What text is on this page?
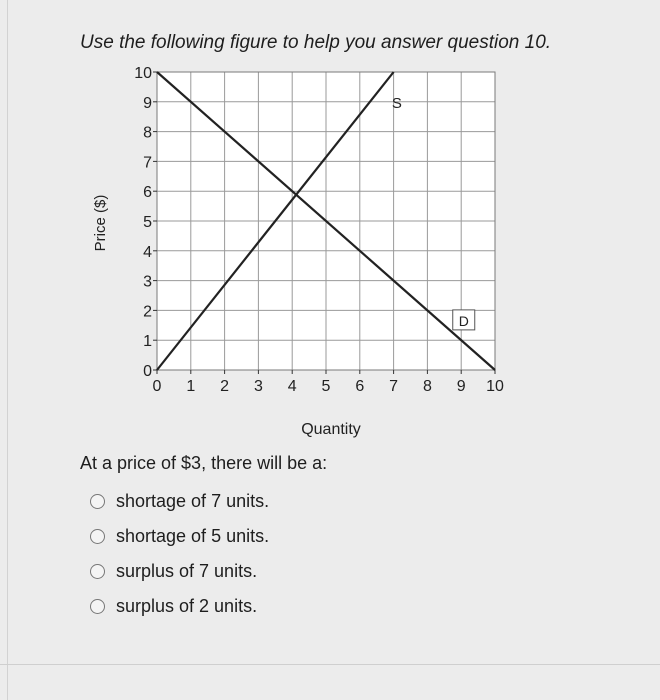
Use the following figure to help you answer question 10.

S
D
0
1
2
3
4
5
6
7
8
9
10
0 1 2 3 4 5 6 7 8 9 10
Price ($)
Quantity

At a price of $3, there will be a:

shortage of 7 units.
shortage of 5 units.
surplus of 7 units.
surplus of 2 units.
